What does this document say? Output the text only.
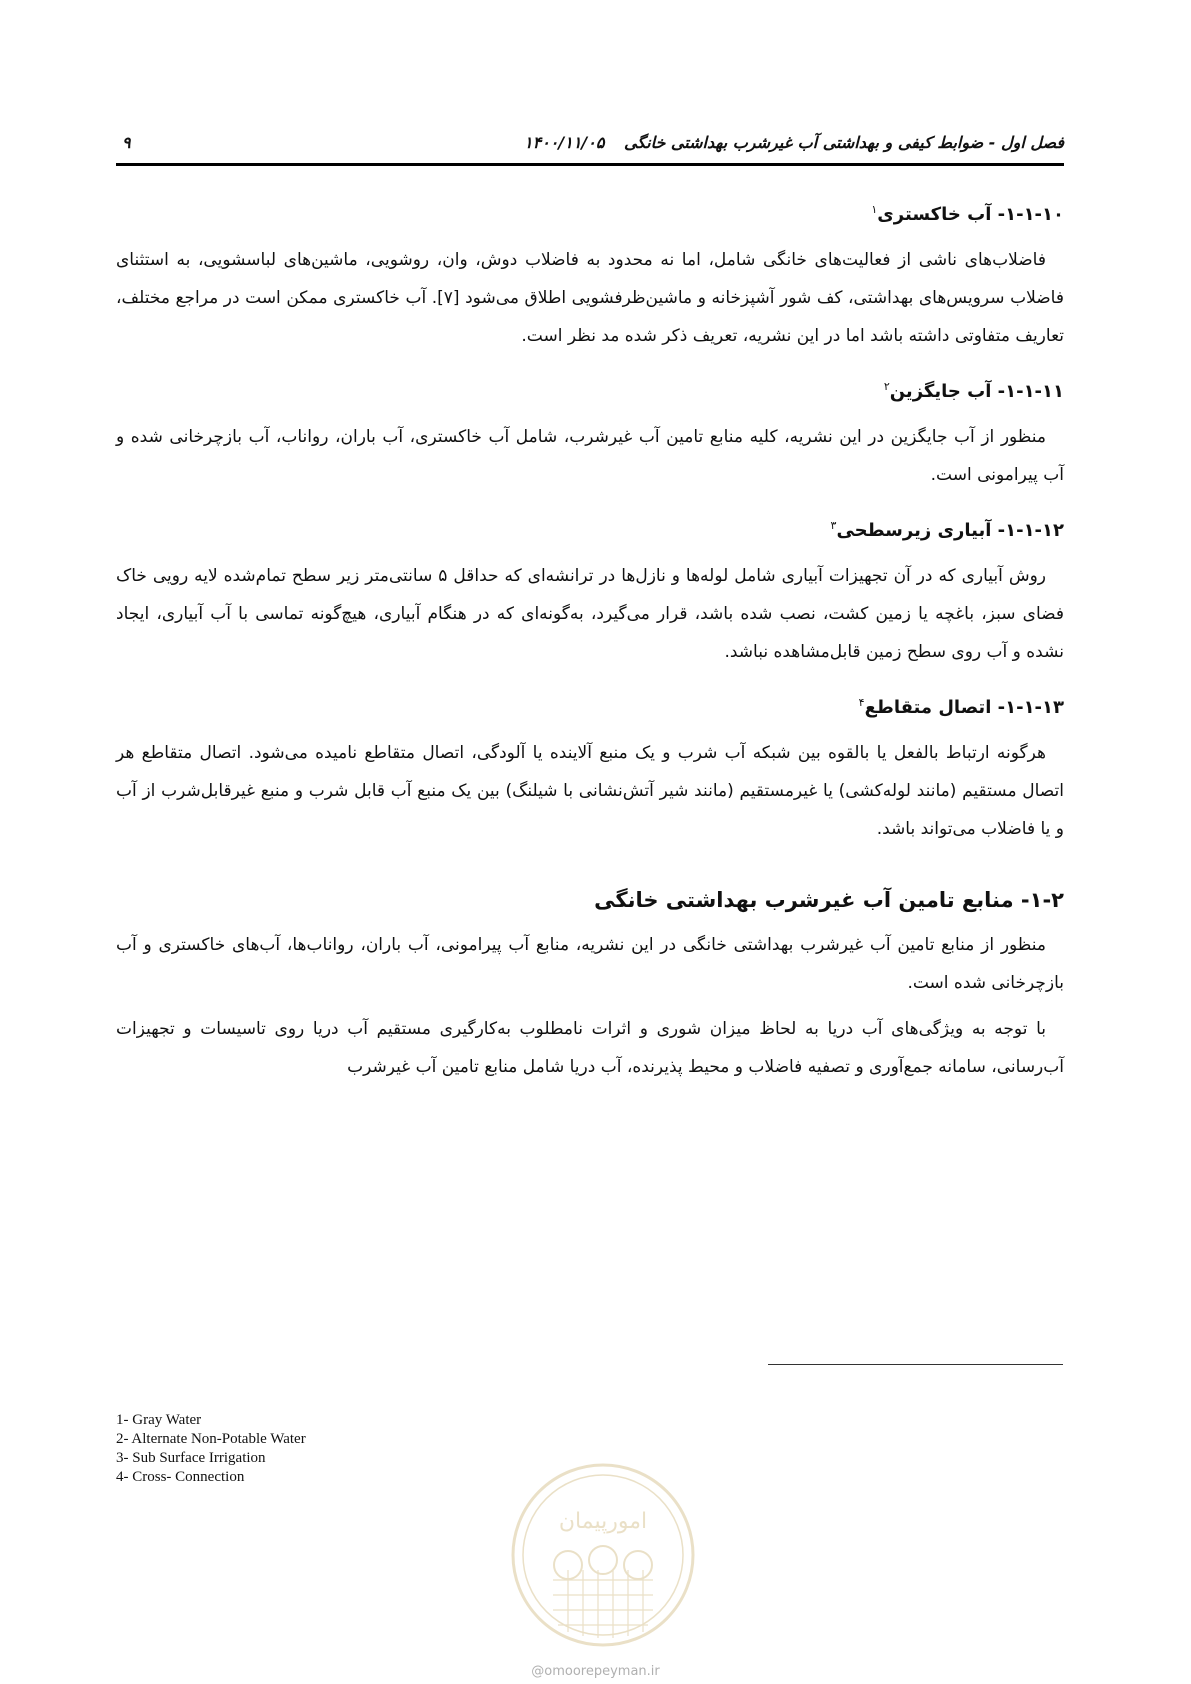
۹	۱۴۰۰/۱۱/۰۵ فصل اول - ضوابط کیفی و بهداشتی آب غیرشرب بهداشتی خانگی
۱-۱-۱۰- آب خاکستری$^۱$

فاضلاب‌های ناشی از فعالیت‌های خانگی شامل، اما نه محدود به فاضلاب دوش، وان، روشویی، ماشین‌های لباسشویی، به استثنای فاضلاب سرویس‌های بهداشتی، کف شور آشپزخانه و ماشین‌ظرفشویی اطلاق می‌شود [۷]. آب خاکستری ممکن است در مراجع مختلف، تعاریف متفاوتی داشته باشد اما در این نشریه، تعریف ذکر شده مد نظر است.

۱-۱-۱۱- آب جایگزین$^۲$

منظور از آب جایگزین در این نشریه، کلیه منابع تامین آب غیرشرب، شامل آب خاکستری، آب باران، رواناب، آب بازچرخانی شده و آب پیرامونی است.

۱-۱-۱۲- آبیاری زیرسطحی$^۳$

روش آبیاری که در آن تجهیزات آبیاری شامل لوله‌ها و نازل‌ها در ترانشه‌ای که حداقل ۵ سانتی‌متر زیر سطح تمام‌شده لایه رویی خاک فضای سبز، باغچه یا زمین کشت، نصب شده باشد، قرار می‌گیرد، به‌گونه‌ای که در هنگام آبیاری، هیچ‌گونه تماسی با آب آبیاری، ایجاد نشده و آب روی سطح زمین قابل‌مشاهده نباشد.

۱-۱-۱۳- اتصال متقاطع$^۴$

هرگونه ارتباط بالفعل یا بالقوه بین شبکه آب شرب و یک منبع آلاینده یا آلودگی، اتصال متقاطع نامیده می‌شود. اتصال متقاطع هر اتصال مستقیم (مانند لوله‌کشی) یا غیرمستقیم (مانند شیر آتش‌نشانی با شیلنگ) بین یک منبع آب قابل شرب و منبع غیرقابل‌شرب از آب و یا فاضلاب می‌تواند باشد.

۱-۲- منابع تامین آب غیرشرب بهداشتی خانگی

منظور از منابع تامین آب غیرشرب بهداشتی خانگی در این نشریه، منابع آب پیرامونی، آب باران، رواناب‌ها، آب‌های خاکستری و آب بازچرخانی شده است.

با توجه به ویژگی‌های آب دریا به لحاظ میزان شوری و اثرات نامطلوب به‌کارگیری مستقیم آب دریا روی تاسیسات و تجهیزات آب‌رسانی، سامانه جمع‌آوری و تصفیه فاضلاب و محیط پذیرنده، آب دریا شامل منابع تامین آب غیرشرب

1- Gray Water
2- Alternate Non-Potable Water
3- Sub Surface Irrigation
4- Cross- Connection
امورپیمان
@omoorepeyman.ir
